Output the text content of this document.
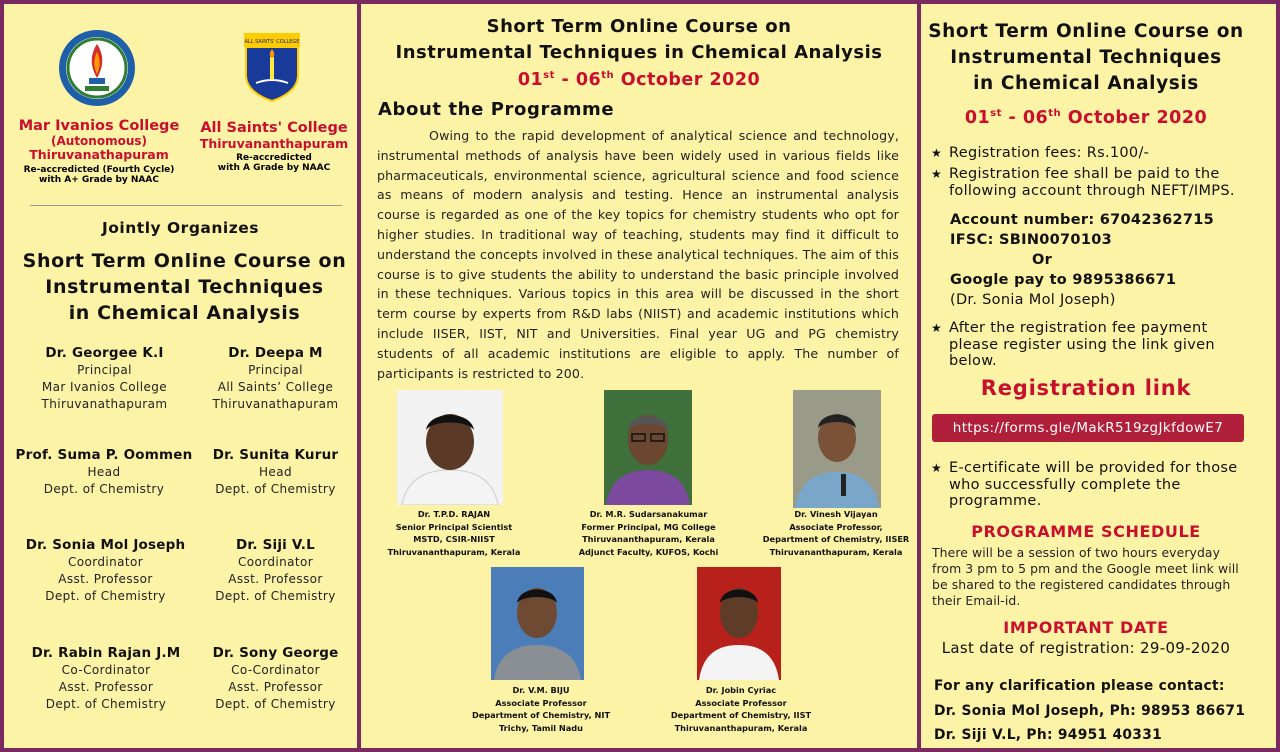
ALL SAINTS' COLLEGE
Mar Ivanios College
(Autonomous)
Thiruvanathapuram
Re-accredicted (Fourth Cycle)
with A+ Grade by NAAC
All Saints' College
Thiruvananthapuram
Re-accredicted
with A Grade by NAAC
Jointly Organizes
Short Term Online Course on
Instrumental Techniques
in Chemical Analysis
Dr. Georgee K.I
Principal
Mar Ivanios College
Thiruvanathapuram
Dr. Deepa M
Principal
All Saints’ College
Thiruvanathapuram
Prof. Suma P. Oommen
Head
Dept. of Chemistry
Dr. Sunita Kurur
Head
Dept. of Chemistry
Dr. Sonia Mol Joseph
Coordinator
Asst. Professor
Dept. of Chemistry
Dr. Siji V.L
Coordinator
Asst. Professor
Dept. of Chemistry
Dr. Rabin Rajan J.M
Co-Cordinator
Asst. Professor
Dept. of Chemistry
Dr. Sony George
Co-Cordinator
Asst. Professor
Dept. of Chemistry
Short Term Online Course on
Instrumental Techniques in Chemical Analysis
01st - 06th October 2020
About the Programme
Owing to the rapid development of analytical science and technology, instrumental methods of analysis have been widely used in various fields like pharmaceuticals, environmental science, agricultural science and food science as means of modern analysis and testing. Hence an instrumental analysis course is regarded as one of the key topics for chemistry students who opt for higher studies. In traditional way of teaching, students may find it difficult to understand the concepts involved in these analytical techniques. The aim of this course is to give students the ability to understand the basic principle involved in these techniques. Various topics in this area will be discussed in the short term course by experts from R&D labs (NIIST) and academic institutions which include IISER, IIST, NIT and Universities. Final year UG and PG chemistry students of all academic institutions are eligible to apply. The number of participants is restricted to 200.
Dr. T.P.D. RAJAN
Senior Principal Scientist
MSTD, CSIR-NIIST
Thiruvananthapuram, Kerala
Dr. M.R. Sudarsanakumar
Former Principal, MG College
Thiruvananthapuram, Kerala
Adjunct Faculty, KUFOS, Kochi
Dr. Vinesh Vijayan
Associate Professor,
Department of Chemistry, IISER
Thiruvananthapuram, Kerala
Dr. V.M. BIJU
Associate Professor
Department of Chemistry, NIT
Trichy, Tamil Nadu
Dr. Jobin Cyriac
Associate Professor
Department of Chemistry, IIST
Thiruvananthapuram, Kerala
Short Term Online Course on
Instrumental Techniques
in Chemical Analysis
01st - 06th October 2020
★ Registration fees: Rs.100/-
★ Registration fee shall be paid to the following account through NEFT/IMPS.
Account number: 67042362715
IFSC: SBIN0070103
Or
Google pay to 9895386671
(Dr. Sonia Mol Joseph)
★ After the registration fee payment please register using the link given below.
Registration link
https://forms.gle/MakR519zgJkfdowE7
★ E-certificate will be provided for those who successfully complete the programme.
PROGRAMME SCHEDULE
There will be a session of two hours everyday from 3 pm to 5 pm and the Google meet link will be shared to the registered candidates through their Email-id.
IMPORTANT DATE
Last date of registration: 29-09-2020
For any clarification please contact:
Dr. Sonia Mol Joseph, Ph: 98953 86671
Dr. Siji V.L, Ph: 94951 40331
